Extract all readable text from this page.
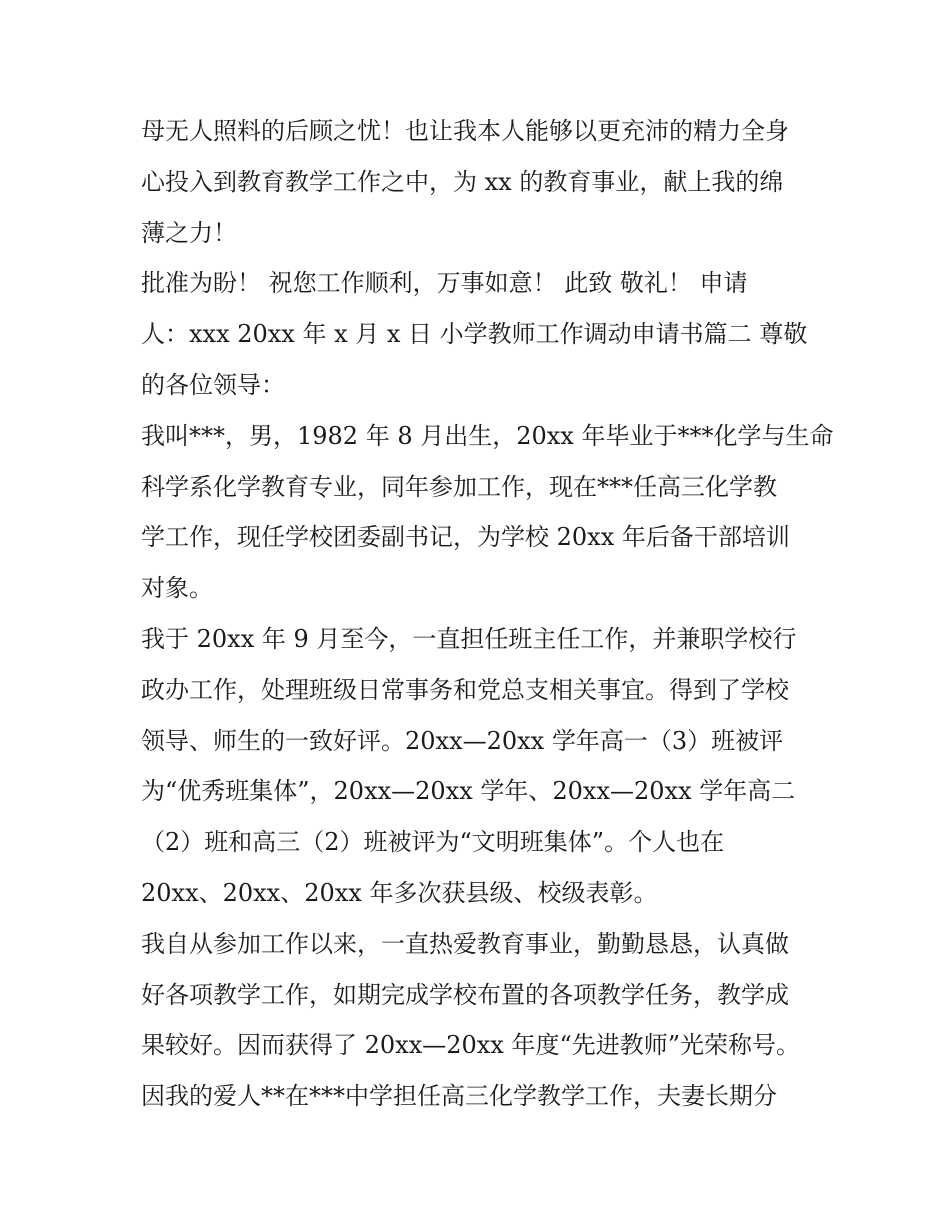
母无人照料的后顾之忧！也让我本人能够以更充沛的精力全身
心投入到教育教学工作之中，为 xx 的教育事业，献上我的绵
薄之力！
批准为盼！ 祝您工作顺利，万事如意！ 此致 敬礼！ 申请
人：xxx 20xx 年 x 月 x 日 小学教师工作调动申请书篇二 尊敬
的各位领导：
我叫***，男，1982 年 8 月出生，20xx 年毕业于***化学与生命
科学系化学教育专业，同年参加工作，现在***任高三化学教
学工作，现任学校团委副书记，为学校 20xx 年后备干部培训
对象。
我于 20xx 年 9 月至今，一直担任班主任工作，并兼职学校行
政办工作，处理班级日常事务和党总支相关事宜。得到了学校
领导、师生的一致好评。20xx—20xx 学年高一（3）班被评
为“优秀班集体”，20xx—20xx 学年、20xx—20xx 学年高二
（2）班和高三（2）班被评为“文明班集体”。个人也在
20xx、20xx、20xx 年多次获县级、校级表彰。
我自从参加工作以来，一直热爱教育事业，勤勤恳恳，认真做
好各项教学工作，如期完成学校布置的各项教学任务，教学成
果较好。因而获得了 20xx—20xx 年度“先进教师”光荣称号。
因我的爱人**在***中学担任高三化学教学工作，夫妻长期分
